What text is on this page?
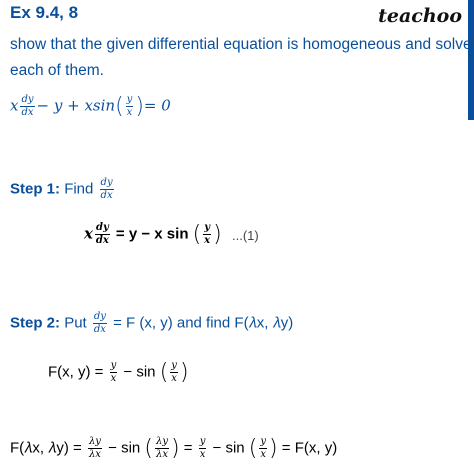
Ex 9.4, 8	teachoo
show that the given differential equation is homogeneous and solve
each of them.
x $\frac{dy}{dx} - y + xsin( \frac{y}{x}$ )= 0
Step 1: Find $\frac{dy}{dx}$
x $\frac{dy}{dx} = y - x$ sin ( $\frac{y}{x}$ ) ...(1)
Step 2: Put $\frac{dy}{dx} = F$ (x, y) and find F(𝜆x, 𝜆y)
F(x, $y) = \frac{y}{x} - \sin$ ( $\frac{y}{x}$ )
F(𝜆x, 𝜆y) = $\frac{\text{𝜆y}}{\text{𝜆x}} - \sin$ ( $\frac{\text{𝜆y}}{\text{𝜆x}}$ ) = $\frac{y}{x} - \sin$ ( $\frac{y}{x}$ ) = F(x, y)
